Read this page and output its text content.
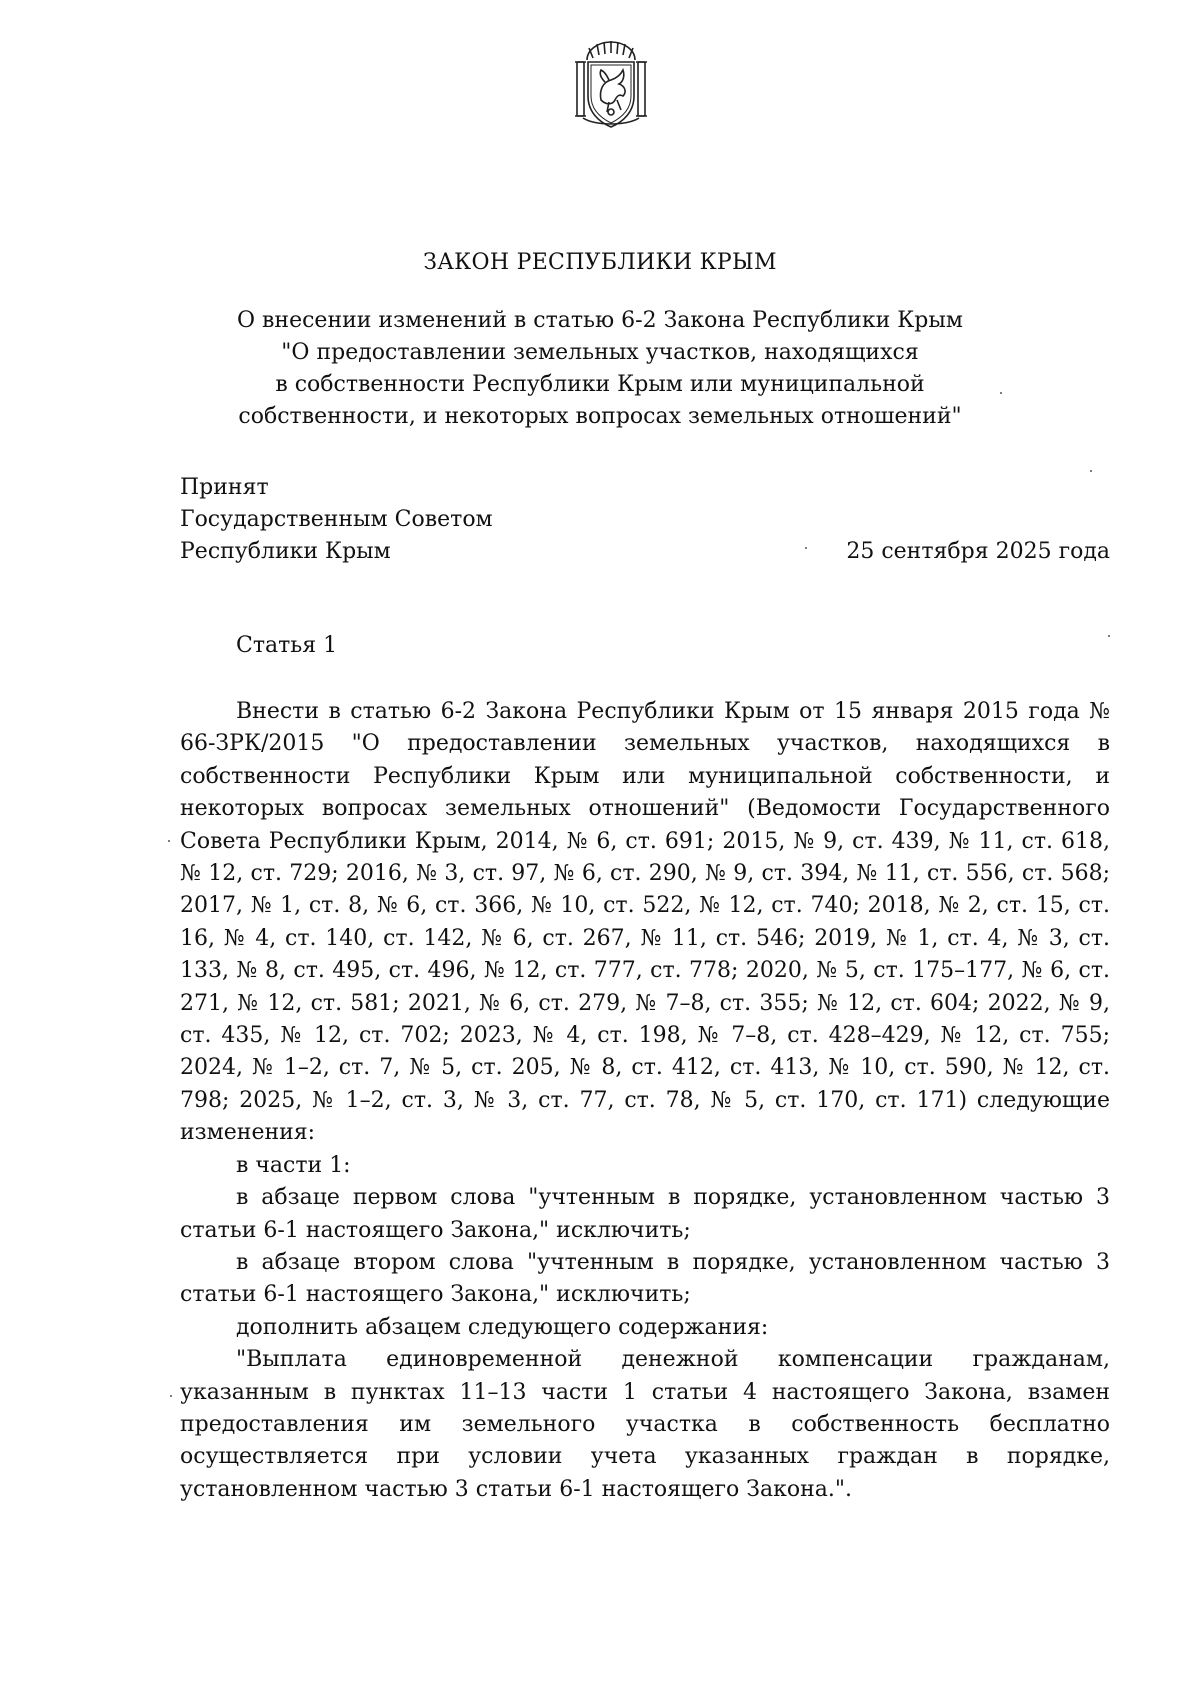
ЗАКОН РЕСПУБЛИКИ КРЫМ
О внесении изменений в статью 6-2 Закона Республики Крым
"О предоставлении земельных участков, находящихся
в собственности Республики Крым или муниципальной
собственности, и некоторых вопросах земельных отношений"
Принят
Государственным Советом
Республики Крым	25 сентября 2025 года
Статья 1

Внести в статью 6-2 Закона Республики Крым от 15 января 2015 года № 66-ЗРК/2015 "О предоставлении земельных участков, находящихся в собственности Республики Крым или муниципальной собственности, и некоторых вопросах земельных отношений" (Ведомости Государственного Совета Республики Крым, 2014, № 6, ст. 691; 2015, № 9, ст. 439, № 11, ст. 618, № 12, ст. 729; 2016, № 3, ст. 97, № 6, ст. 290, № 9, ст. 394, № 11, ст. 556, ст. 568; 2017, № 1, ст. 8, № 6, ст. 366, № 10, ст. 522, № 12, ст. 740; 2018, № 2, ст. 15, ст. 16, № 4, ст. 140, ст. 142, № 6, ст. 267, № 11, ст. 546; 2019, № 1, ст. 4, № 3, ст. 133, № 8, ст. 495, ст. 496, № 12, ст. 777, ст. 778; 2020, № 5, ст. 175–177, № 6, ст. 271, № 12, ст. 581; 2021, № 6, ст. 279, № 7–8, ст. 355; № 12, ст. 604; 2022, № 9, ст. 435, № 12, ст. 702; 2023, № 4, ст. 198, № 7–8, ст. 428–429, № 12, ст. 755; 2024, № 1–2, ст. 7, № 5, ст. 205, № 8, ст. 412, ст. 413, № 10, ст. 590, № 12, ст. 798; 2025, № 1–2, ст. 3, № 3, ст. 77, ст. 78, № 5, ст. 170, ст. 171) следующие изменения:

в части 1:

в абзаце первом слова "учтенным в порядке, установленном частью 3 статьи 6-1 настоящего Закона," исключить;

в абзаце втором слова "учтенным в порядке, установленном частью 3 статьи 6-1 настоящего Закона," исключить;

дополнить абзацем следующего содержания:

"Выплата единовременной денежной компенсации гражданам, указанным в пунктах 11–13 части 1 статьи 4 настоящего Закона, взамен предоставления им земельного участка в собственность бесплатно осуществляется при условии учета указанных граждан в порядке, установленном частью 3 статьи 6-1 настоящего Закона.".
